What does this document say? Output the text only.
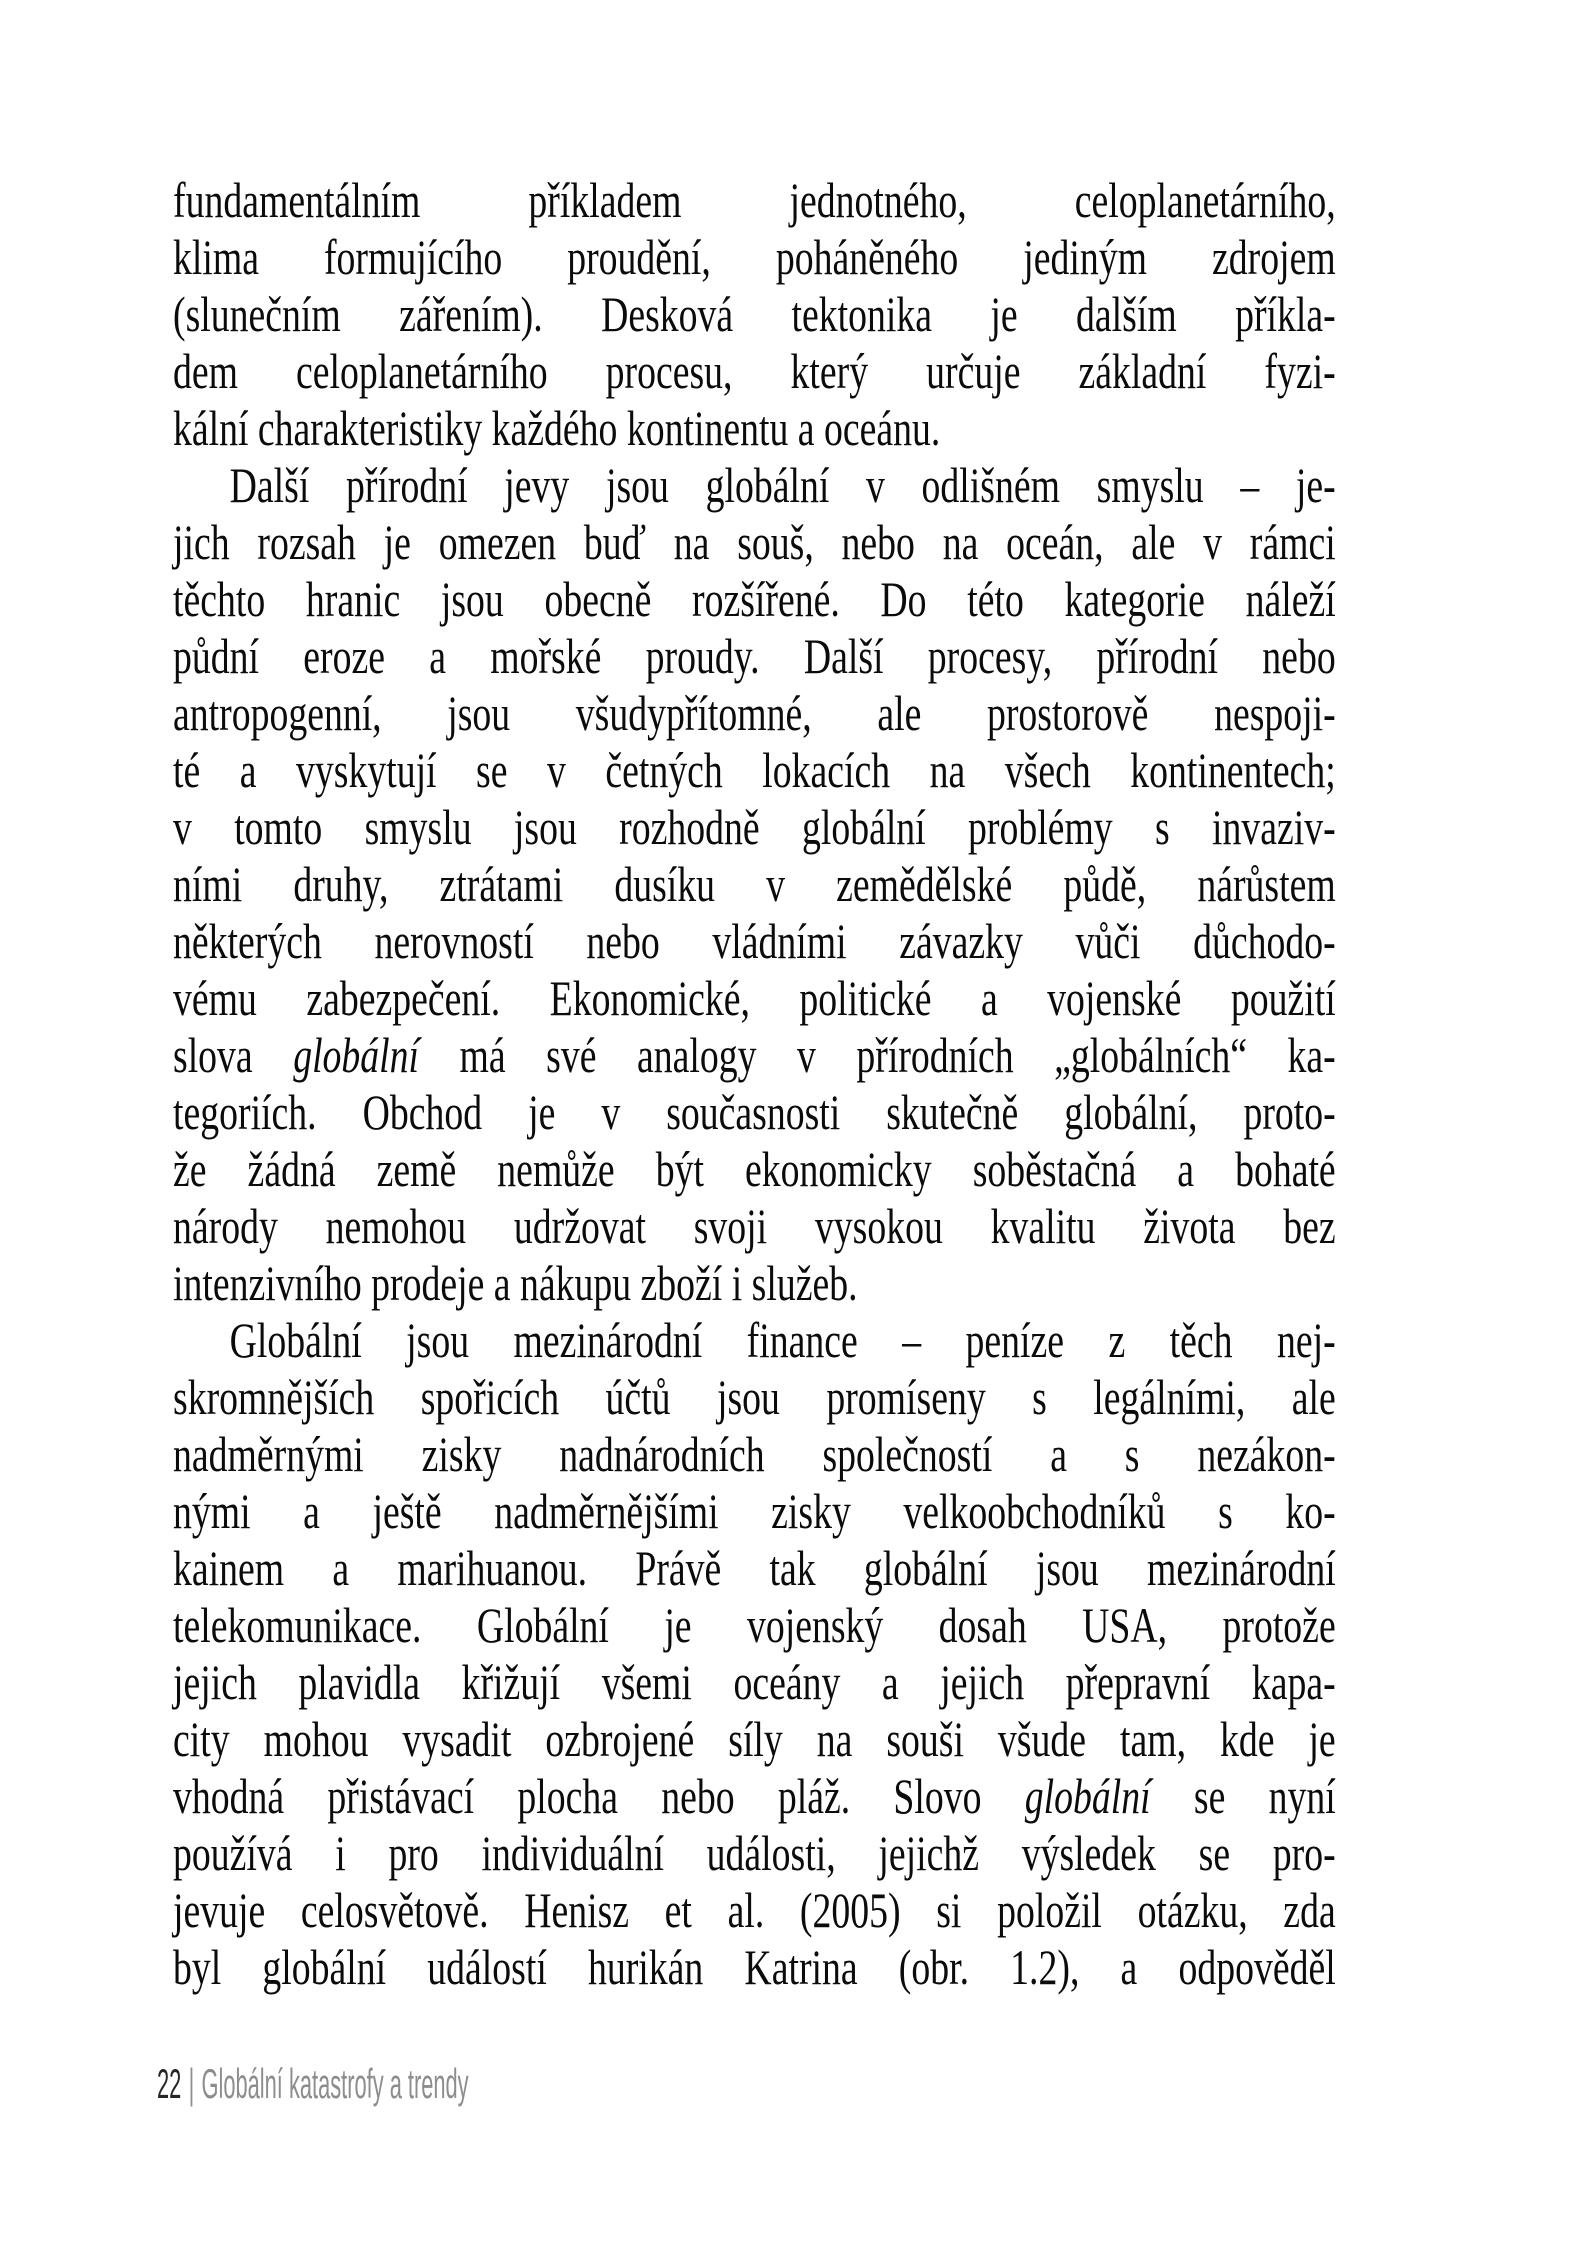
fundamentálním příkladem jednotného, celoplanetárního,
klima formujícího proudění, poháněného jediným zdrojem
(slunečním zářením). Desková tektonika je dalším příkla-
dem celoplanetárního procesu, který určuje základní fyzi-
kální charakteristiky každého kontinentu a oceánu.
Další přírodní jevy jsou globální v odlišném smyslu – je-
jich rozsah je omezen buď na souš, nebo na oceán, ale v rámci
těchto hranic jsou obecně rozšířené. Do této kategorie náleží
půdní eroze a mořské proudy. Další procesy, přírodní nebo
antropogenní, jsou všudypřítomné, ale prostorově nespoji-
té a vyskytují se v četných lokacích na všech kontinentech;
v tomto smyslu jsou rozhodně globální problémy s invaziv-
ními druhy, ztrátami dusíku v zemědělské půdě, nárůstem
některých nerovností nebo vládními závazky vůči důchodo-
vému zabezpečení. Ekonomické, politické a vojenské použití
slova globální má své analogy v přírodních „globálních“ ka-
tegoriích. Obchod je v současnosti skutečně globální, proto-
že žádná země nemůže být ekonomicky soběstačná a bohaté
národy nemohou udržovat svoji vysokou kvalitu života bez
intenzivního prodeje a nákupu zboží i služeb.
Globální jsou mezinárodní finance – peníze z těch nej-
skromnějších spořicích účtů jsou promíseny s legálními, ale
nadměrnými zisky nadnárodních společností a s nezákon-
nými a ještě nadměrnějšími zisky velkoobchodníků s ko-
kainem a marihuanou. Právě tak globální jsou mezinárodní
telekomunikace. Globální je vojenský dosah USA, protože
jejich plavidla křižují všemi oceány a jejich přepravní kapa-
city mohou vysadit ozbrojené síly na souši všude tam, kde je
vhodná přistávací plocha nebo pláž. Slovo globální se nyní
používá i pro individuální události, jejichž výsledek se pro-
jevuje celosvětově. Henisz et al. (2005) si položil otázku, zda
byl globální událostí hurikán Katrina (obr. 1.2), a odpověděl
22 | Globální katastrofy a trendy
